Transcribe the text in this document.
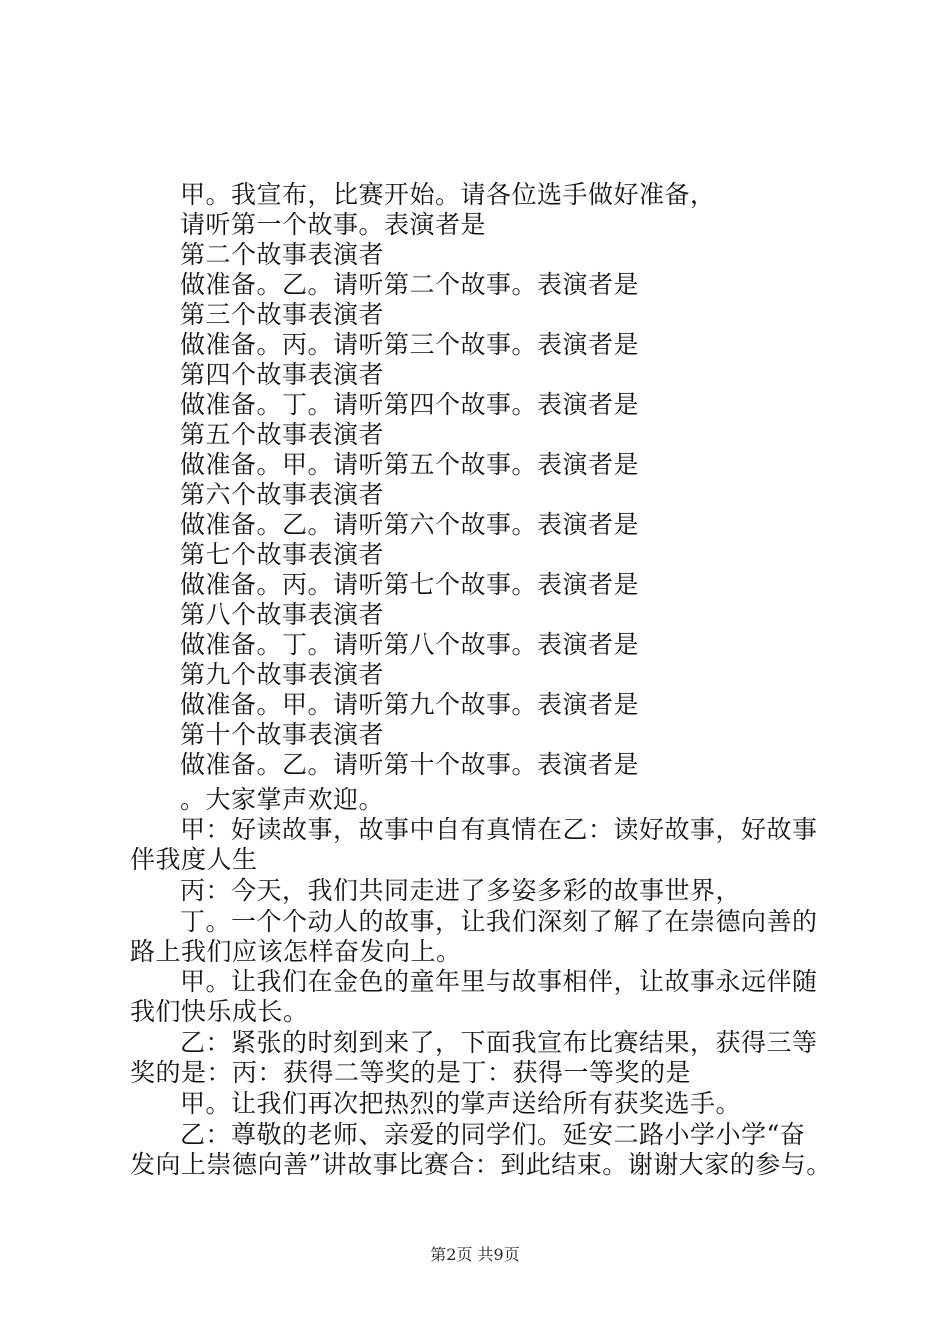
甲。我宣布，比赛开始。请各位选手做好准备，
请听第一个故事。表演者是
第二个故事表演者
做准备。乙。请听第二个故事。表演者是
第三个故事表演者
做准备。丙。请听第三个故事。表演者是
第四个故事表演者
做准备。丁。请听第四个故事。表演者是
第五个故事表演者
做准备。甲。请听第五个故事。表演者是
第六个故事表演者
做准备。乙。请听第六个故事。表演者是
第七个故事表演者
做准备。丙。请听第七个故事。表演者是
第八个故事表演者
做准备。丁。请听第八个故事。表演者是
第九个故事表演者
做准备。甲。请听第九个故事。表演者是
第十个故事表演者
做准备。乙。请听第十个故事。表演者是
。大家掌声欢迎。
甲：好读故事，故事中自有真情在乙：读好故事，好故事
伴我度人生
丙：今天，我们共同走进了多姿多彩的故事世界，
丁。一个个动人的故事，让我们深刻了解了在崇德向善的
路上我们应该怎样奋发向上。
甲。让我们在金色的童年里与故事相伴，让故事永远伴随
我们快乐成长。
乙：紧张的时刻到来了，下面我宣布比赛结果，获得三等
奖的是：丙：获得二等奖的是丁：获得一等奖的是
甲。让我们再次把热烈的掌声送给所有获奖选手。
乙：尊敬的老师、亲爱的同学们。延安二路小学小学“奋
发向上崇德向善”讲故事比赛合：到此结束。谢谢大家的参与。
第2页 共9页
